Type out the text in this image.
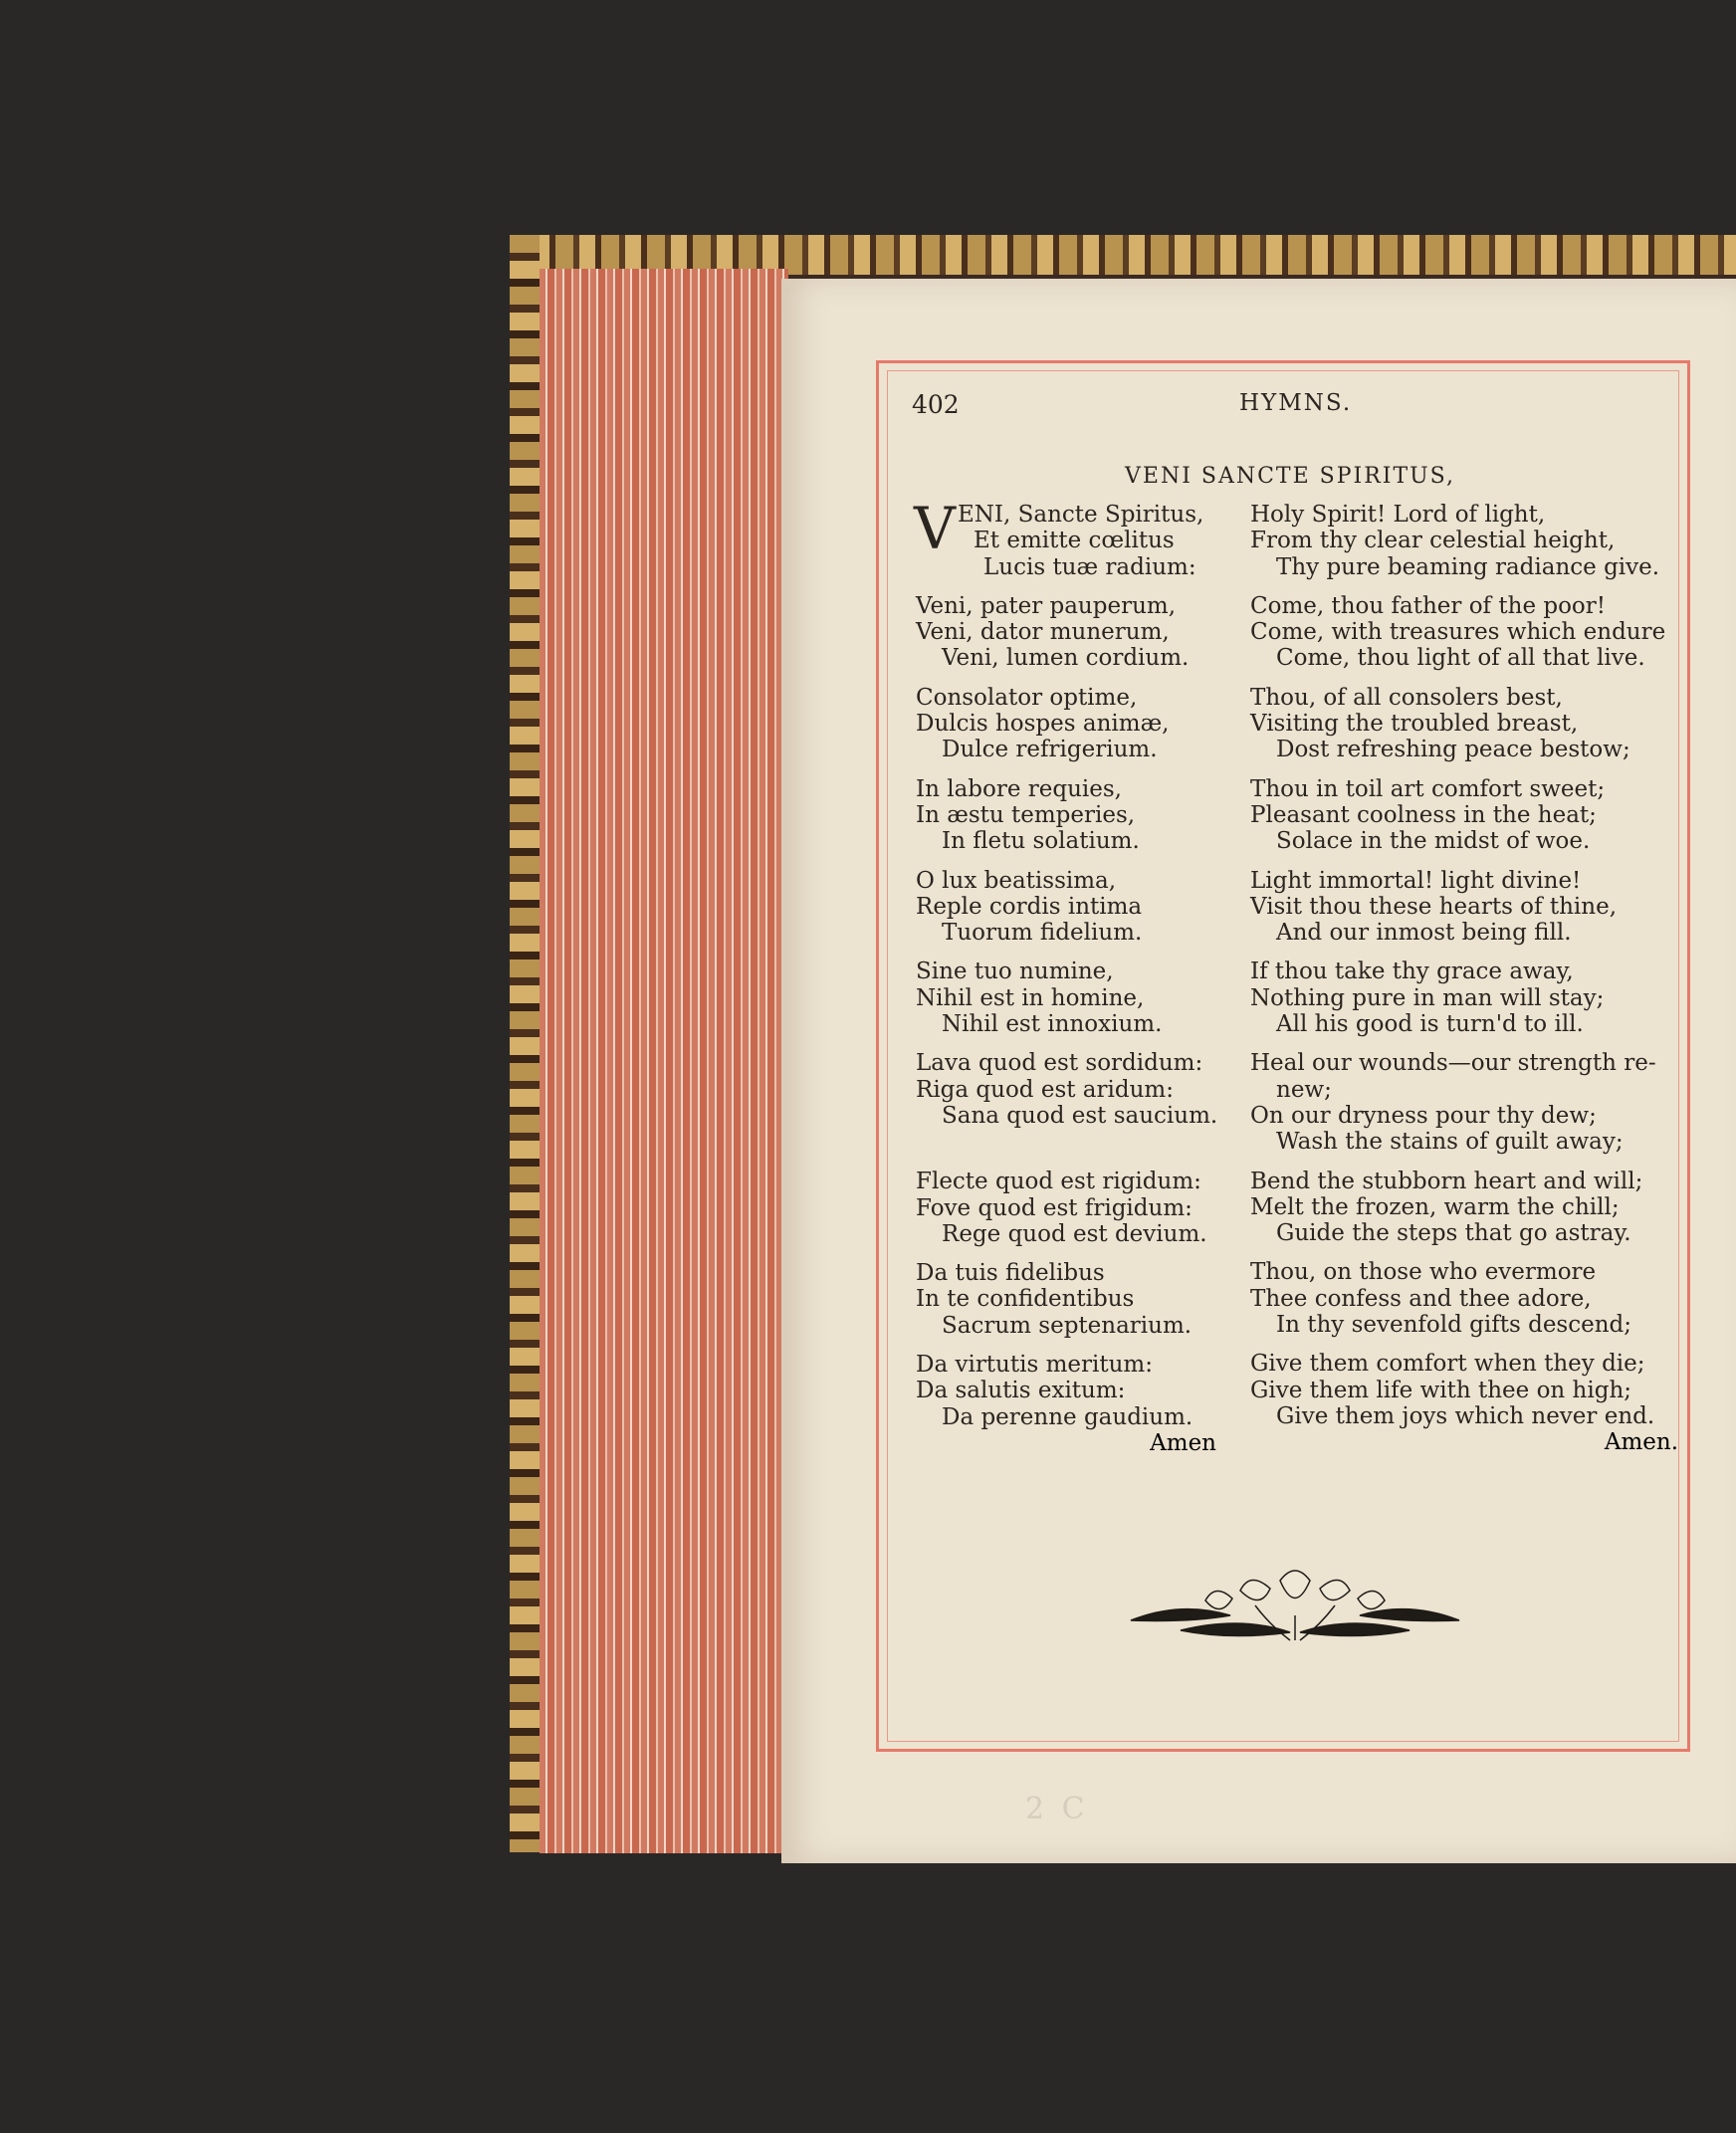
402	HYMNS.
VENI SANCTE SPIRITUS,
V ENI, Sancte Spiritus,
Et emitte cœlitus
Lucis tuæ radium:
Veni, pater pauperum,
Veni, dator munerum,
Veni, lumen cordium.
Consolator optime,
Dulcis hospes animæ,
Dulce refrigerium.
In labore requies,
In æstu temperies,
In fletu solatium.
O lux beatissima,
Reple cordis intima
Tuorum fidelium.
Sine tuo numine,
Nihil est in homine,
Nihil est innoxium.
Lava quod est sordidum:
Riga quod est aridum:
Sana quod est saucium.
Flecte quod est rigidum:
Fove quod est frigidum:
Rege quod est devium.
Da tuis fidelibus
In te confidentibus
Sacrum septenarium.
Da virtutis meritum:
Da salutis exitum:
Da perenne gaudium.
Amen
Holy Spirit! Lord of light,
From thy clear celestial height,
Thy pure beaming radiance give.
Come, thou father of the poor!
Come, with treasures which endure
Come, thou light of all that live.
Thou, of all consolers best,
Visiting the troubled breast,
Dost refreshing peace bestow;
Thou in toil art comfort sweet;
Pleasant coolness in the heat;
Solace in the midst of woe.
Light immortal! light divine!
Visit thou these hearts of thine,
And our inmost being fill.
If thou take thy grace away,
Nothing pure in man will stay;
All his good is turn'd to ill.
Heal our wounds—our strength re-
new;
On our dryness pour thy dew;
Wash the stains of guilt away;
Bend the stubborn heart and will;
Melt the frozen, warm the chill;
Guide the steps that go astray.
Thou, on those who evermore
Thee confess and thee adore,
In thy sevenfold gifts descend;
Give them comfort when they die;
Give them life with thee on high;
Give them joys which never end.
Amen.
2 C
